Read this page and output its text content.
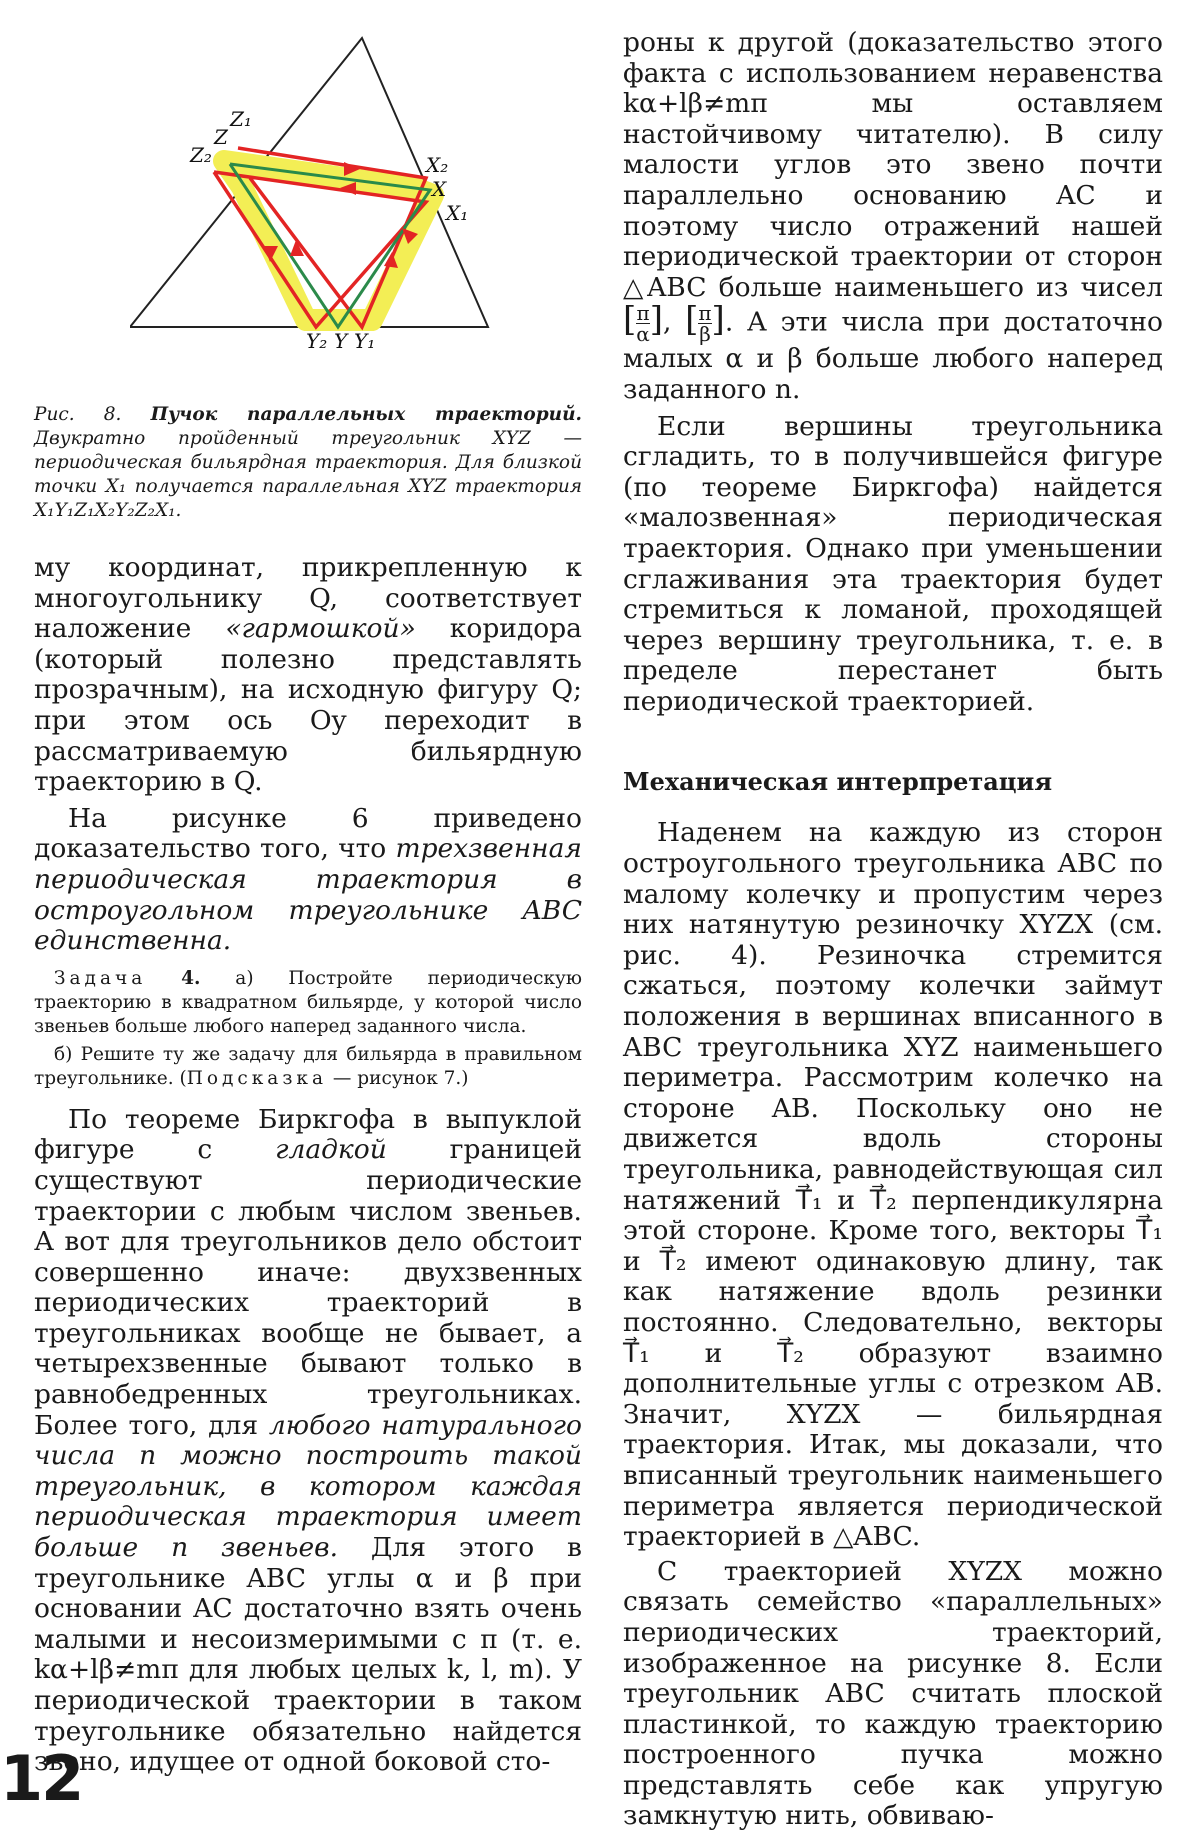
Z₁
Z
Z₂	X₂
X
X₁
Y₂ Y Y₁

Рис. 8. Пучок параллельных траекторий. Двукратно пройденный треугольник XYZ — периодическая бильярдная траектория. Для близкой точки X₁ получается параллельная XYZ траектория X₁Y₁Z₁X₂Y₂Z₂X₁.

му координат, прикрепленную к многоугольнику Q, соответствует наложение «гармошкой» коридора (который полезно представлять прозрачным), на исходную фигуру Q; при этом ось Oy переходит в рассматриваемую бильярдную траекторию в Q.

На рисунке 6 приведено доказательство того, что трехзвенная периодическая траектория в остроугольном треугольнике ABC единственна.

Задача 4. а) Постройте периодическую траекторию в квадратном бильярде, у которой число звеньев больше любого наперед заданного числа.

б) Решите ту же задачу для бильярда в правильном треугольнике. (Подсказка — рисунок 7.)

По теореме Биркгофа в выпуклой фигуре с гладкой границей существуют периодические траектории с любым числом звеньев. А вот для треугольников дело обстоит совершенно иначе: двухзвенных периодических траекторий в треугольниках вообще не бывает, а четырехзвенные бывают только в равнобедренных треугольниках. Более того, для любого натурального числа n можно построить такой треугольник, в котором каждая периодическая траектория имеет больше n звеньев. Для этого в треугольнике ABC углы α и β при основании AC достаточно взять очень малыми и несоизмеримыми с π (т. е. kα+lβ≠mπ для любых целых k, l, m). У периодической траектории в таком треугольнике обязательно найдется звено, идущее от одной боковой сто-

роны к другой (доказательство этого факта с использованием неравенства kα+lβ≠mπ мы оставляем настойчивому читателю). В силу малости углов это звено почти параллельно основанию AC и поэтому число отражений нашей периодической траектории от сторон △ABC больше наименьшего из чисел [ $\frac{\pi}{\alpha}$ ], [ $\frac{\pi}{\beta}$ ]. А эти числа при достаточно малых α и β больше любого наперед заданного n.

Если вершины треугольника сгладить, то в получившейся фигуре (по теореме Биркгофа) найдется «малозвенная» периодическая траектория. Однако при уменьшении сглаживания эта траектория будет стремиться к ломаной, проходящей через вершину треугольника, т. е. в пределе перестанет быть периодической траекторией.

Механическая интерпретация

Наденем на каждую из сторон остроугольного треугольника ABC по малому колечку и пропустим через них натянутую резиночку XYZX (см. рис. 4). Резиночка стремится сжаться, поэтому колечки займут положения в вершинах вписанного в ABC треугольника XYZ наименьшего периметра. Рассмотрим колечко на стороне AB. Поскольку оно не движется вдоль стороны треугольника, равнодействующая сил натяжений T⃗₁ и T⃗₂ перпендикулярна этой стороне. Кроме того, векторы T⃗₁ и T⃗₂ имеют одинаковую длину, так как натяжение вдоль резинки постоянно. Следовательно, векторы T⃗₁ и T⃗₂ образуют взаимно дополнительные углы с отрезком AB. Значит, XYZX — бильярдная траектория. Итак, мы доказали, что вписанный треугольник наименьшего периметра является периодической траекторией в △ABC.

С траекторией XYZX можно связать семейство «параллельных» периодических траекторий, изображенное на рисунке 8. Если треугольник ABC считать плоской пластинкой, то каждую траекторию построенного пучка можно представлять себе как упругую замкнутую нить, обвиваю-

12
